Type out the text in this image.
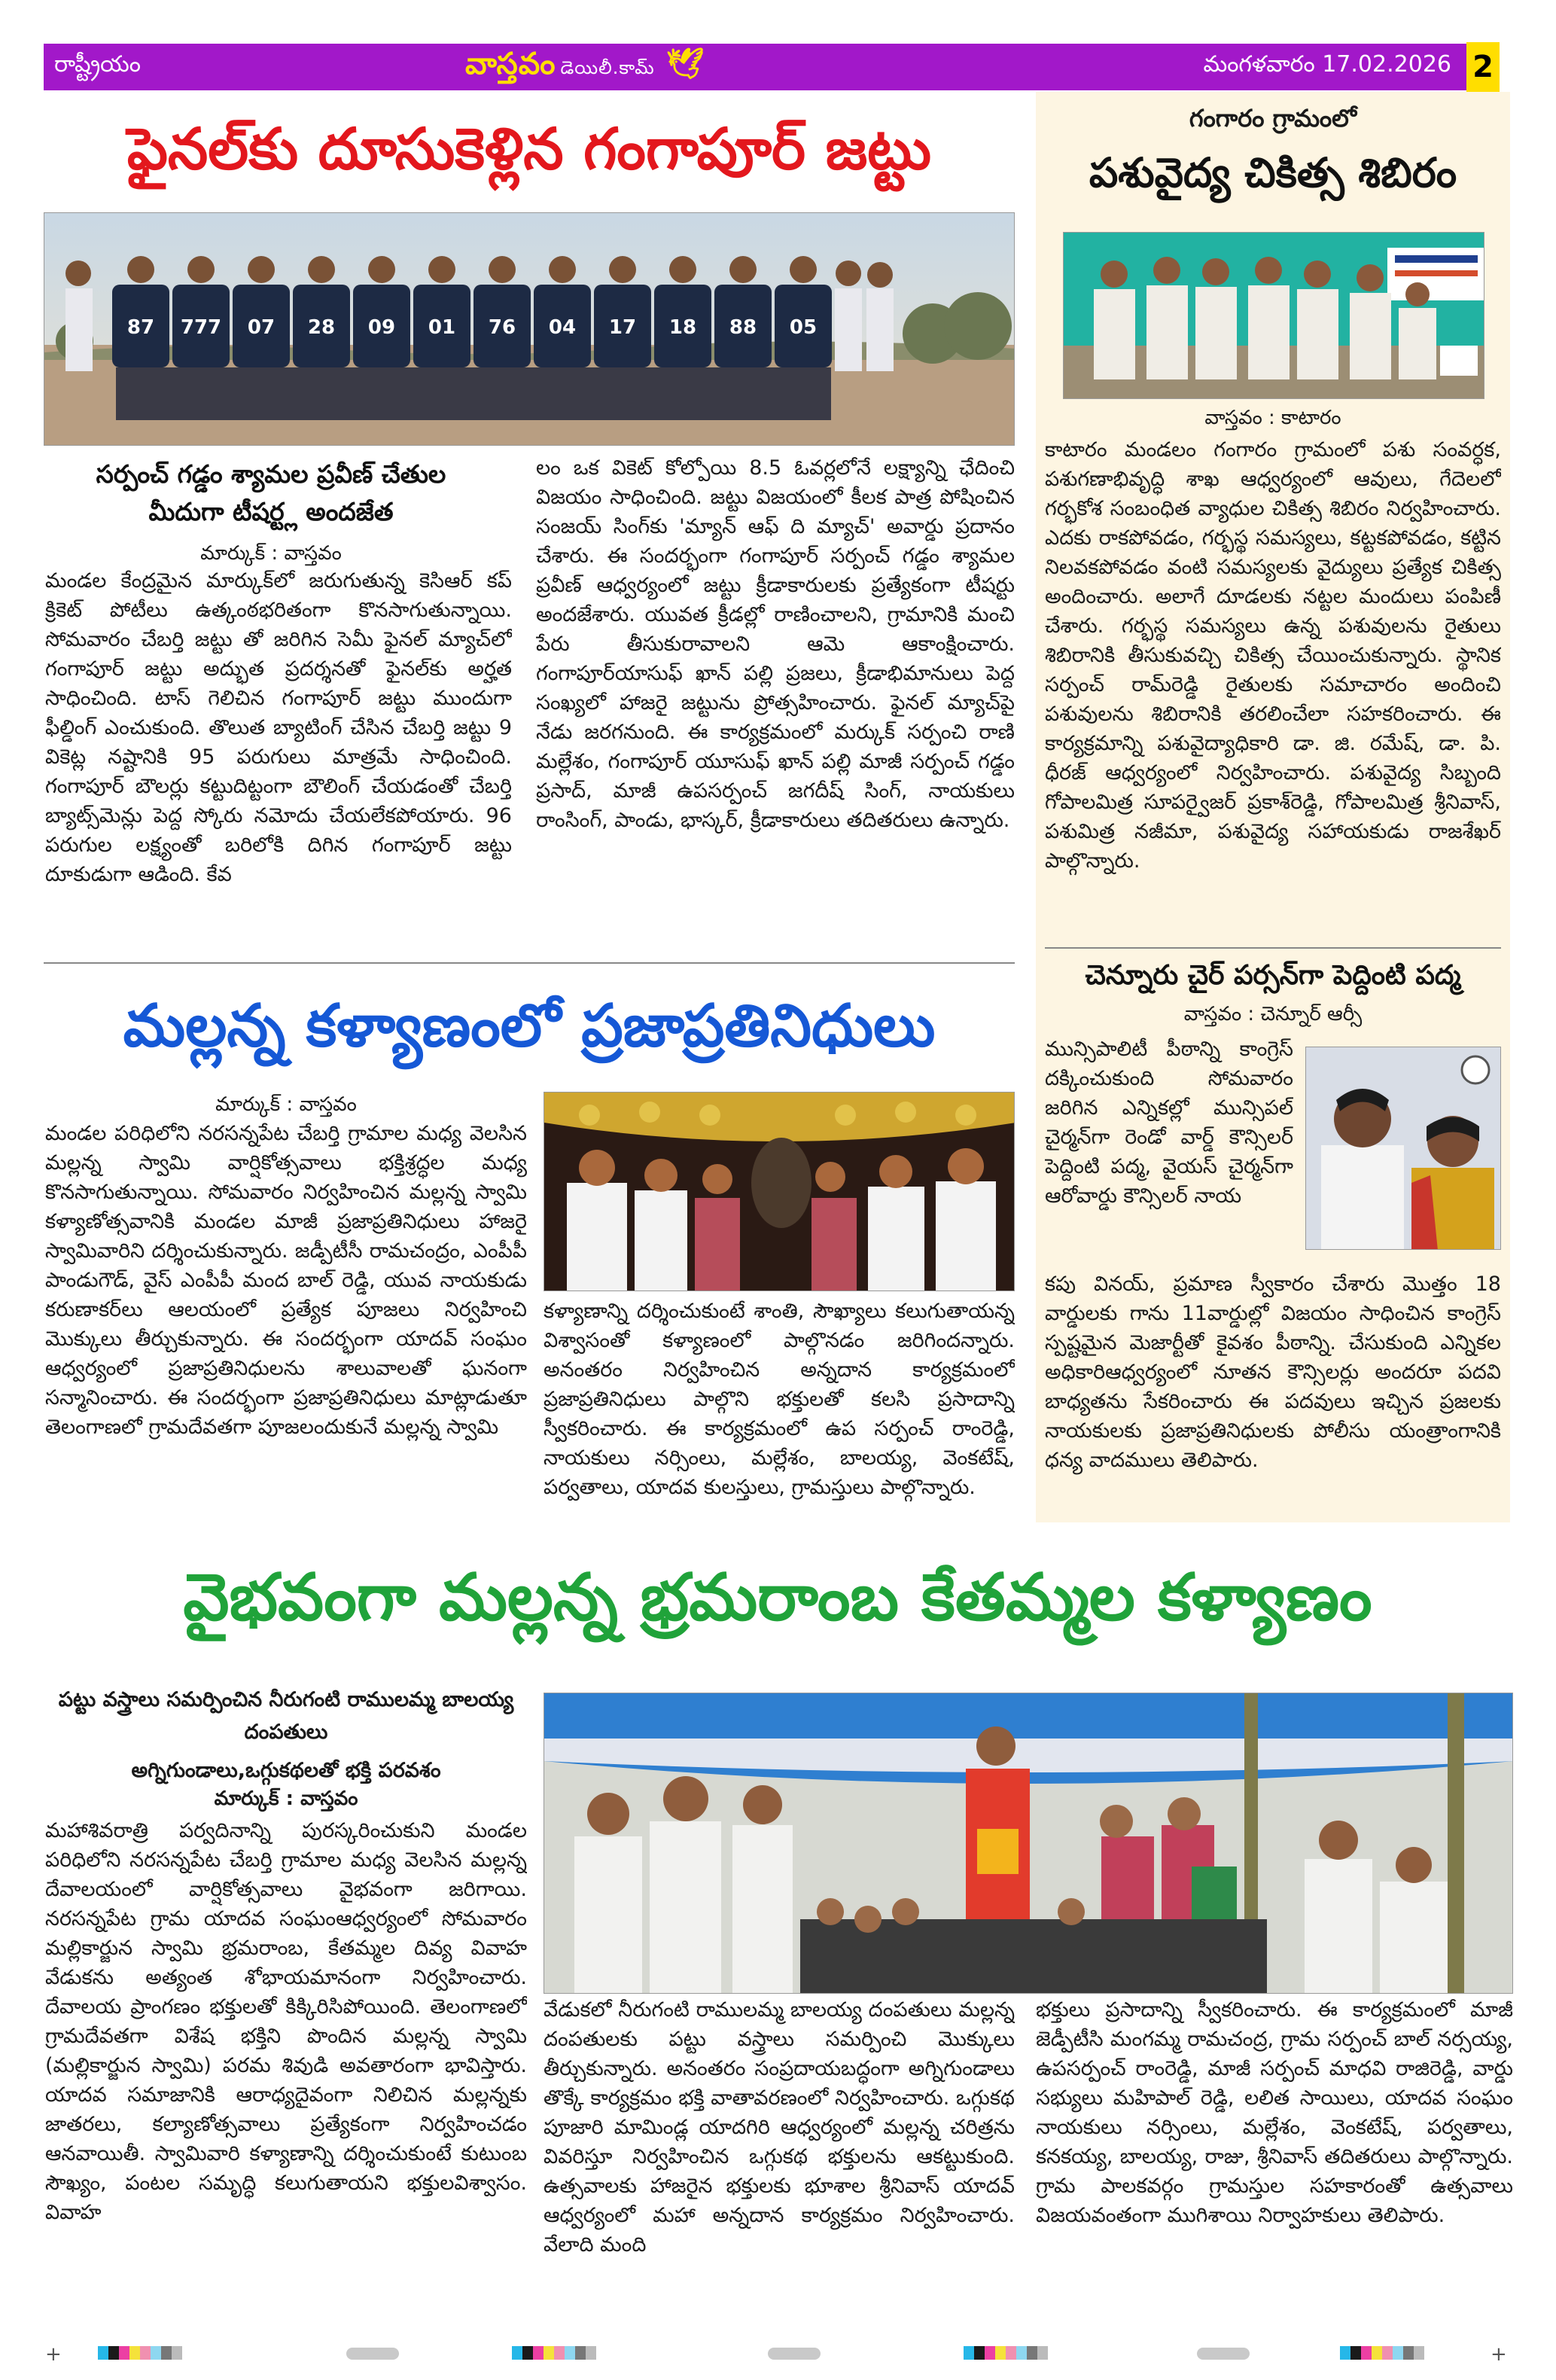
రాష్ట్రీయం	వాస్తవం డెయిలీ.కామ్ 🕊	మంగళవారం 17.02.2026 2
ఫైనల్‌కు దూసుకెళ్లిన గంగాపూర్ జట్టు
87 777 07 28 09 01 76 04 17 18 88 05
సర్పంచ్ గడ్డం శ్యామల ప్రవీణ్ చేతుల మీదుగా టీషర్ట్ల అందజేత
మార్కుక్ : వాస్తవం
మండల కేంద్రమైన మార్కుక్‌లో జరుగుతున్న కెసిఆర్ కప్ క్రికెట్ పోటీలు ఉత్కంఠభరితంగా కొనసాగుతున్నాయి. సోమవారం చేబర్తి జట్టు తో జరిగిన సెమీ ఫైనల్ మ్యాచ్‌లో గంగాపూర్ జట్టు అద్భుత ప్రదర్శనతో ఫైనల్‌కు అర్హత సాధించింది. టాస్ గెలిచిన గంగాపూర్ జట్టు ముందుగా ఫీల్డింగ్ ఎంచుకుంది. తొలుత బ్యాటింగ్ చేసిన చేబర్తి జట్టు 9 వికెట్ల నష్టానికి 95 పరుగులు మాత్రమే సాధించింది. గంగాపూర్ బౌలర్లు కట్టుదిట్టంగా బౌలింగ్ చేయడంతో చేబర్తి బ్యాట్స్‌మెన్లు పెద్ద స్కోరు నమోదు చేయలేకపోయారు. 96 పరుగుల లక్ష్యంతో బరిలోకి దిగిన గంగాపూర్ జట్టు దూకుడుగా ఆడింది. కేవ
లం ఒక వికెట్ కోల్పోయి 8.5 ఓవర్లలోనే లక్ష్యాన్ని ఛేదించి విజయం సాధించింది. జట్టు విజయంలో కీలక పాత్ర పోషించిన సంజయ్ సింగ్‌కు 'మ్యాన్ ఆఫ్ ది మ్యాచ్' అవార్డు ప్రదానం చేశారు. ఈ సందర్భంగా గంగాపూర్ సర్పంచ్ గడ్డం శ్యామల ప్రవీణ్ ఆధ్వర్యంలో జట్టు క్రీడాకారులకు ప్రత్యేకంగా టీషర్టు అందజేశారు. యువత క్రీడల్లో రాణించాలని, గ్రామానికి మంచి పేరు తీసుకురావాలని ఆమె ఆకాంక్షించారు. గంగాపూర్‌యాసుఫ్ ఖాన్ పల్లి ప్రజలు, క్రీడాభిమానులు పెద్ద సంఖ్యలో హాజరై జట్టును ప్రోత్సహించారు. ఫైనల్ మ్యాచ్‌పై నేడు జరగనుంది. ఈ కార్యక్రమంలో మర్కుక్ సర్పంచి రాణి మల్లేశం, గంగాపూర్ యూసుఫ్ ఖాన్ పల్లి మాజీ సర్పంచ్ గడ్డం ప్రసాద్, మాజీ ఉపసర్పంచ్ జగదీష్ సింగ్, నాయకులు రాంసింగ్, పాండు, భాస్కర్, క్రీడాకారులు తదితరులు ఉన్నారు.
మల్లన్న కళ్యాణంలో ప్రజాప్రతినిధులు
మార్కుక్ : వాస్తవం
మండల పరిధిలోని నరసన్నపేట చేబర్తి గ్రామాల మధ్య వెలసిన మల్లన్న స్వామి వార్షికోత్సవాలు భక్తిశ్రద్ధల మధ్య కొనసాగుతున్నాయి. సోమవారం నిర్వహించిన మల్లన్న స్వామి కళ్యాణోత్సవానికి మండల మాజీ ప్రజాప్రతినిధులు హాజరై స్వామివారిని దర్శించుకున్నారు. జడ్పీటీసీ రామచంద్రం, ఎంపీపీ పాండుగౌడ్, వైస్ ఎంపీపీ మంద బాల్ రెడ్డి, యువ నాయకుడు కరుణాకర్‌లు ఆలయంలో ప్రత్యేక పూజలు నిర్వహించి మొక్కులు తీర్చుకున్నారు. ఈ సందర్భంగా యాదవ్ సంఘం ఆధ్వర్యంలో ప్రజాప్రతినిధులను శాలువాలతో ఘనంగా సన్మానించారు. ఈ సందర్భంగా ప్రజాప్రతినిధులు మాట్లాడుతూ తెలంగాణలో గ్రామదేవతగా పూజలందుకునే మల్లన్న స్వామి
కళ్యాణాన్ని దర్శించుకుంటే శాంతి, సౌఖ్యాలు కలుగుతాయన్న విశ్వాసంతో కళ్యాణంలో పాల్గొనడం జరిగిందన్నారు. అనంతరం నిర్వహించిన అన్నదాన కార్యక్రమంలో ప్రజాప్రతినిధులు పాల్గొని భక్తులతో కలసి ప్రసాదాన్ని స్వీకరించారు. ఈ కార్యక్రమంలో ఉప సర్పంచ్ రాంరెడ్డి, నాయకులు నర్సింలు, మల్లేశం, బాలయ్య, వెంకటేష్, పర్వతాలు, యాదవ కులస్తులు, గ్రామస్తులు పాల్గొన్నారు.
గంగారం గ్రామంలో
పశువైద్య చికిత్స శిబిరం
వాస్తవం : కాటారం
కాటారం మండలం గంగారం గ్రామంలో పశు సంవర్ధక, పశుగణాభివృద్ధి శాఖ ఆధ్వర్యంలో ఆవులు, గేదెలలో గర్భకోశ సంబంధిత వ్యాధుల చికిత్స శిబిరం నిర్వహించారు. ఎదకు రాకపోవడం, గర్భస్థ సమస్యలు, కట్టకపోవడం, కట్టిన నిలవకపోవడం వంటి సమస్యలకు వైద్యులు ప్రత్యేక చికిత్స అందించారు. అలాగే దూడలకు నట్టల మందులు పంపిణీ చేశారు. గర్భస్థ సమస్యలు ఉన్న పశువులను రైతులు శిబిరానికి తీసుకువచ్చి చికిత్స చేయించుకున్నారు. స్థానిక సర్పంచ్ రామ్‌రెడ్డి రైతులకు సమాచారం అందించి పశువులను శిబిరానికి తరలించేలా సహకరించారు. ఈ కార్యక్రమాన్ని పశువైద్యాధికారి డా. జి. రమేష్, డా. పి. ధీరజ్ ఆధ్వర్యంలో నిర్వహించారు. పశువైద్య సిబ్బంది గోపాలమిత్ర సూపర్వైజర్ ప్రకాశ్‌రెడ్డి, గోపాలమిత్ర శ్రీనివాస్, పశుమిత్ర నజీమా, పశువైద్య సహాయకుడు రాజశేఖర్ పాల్గొన్నారు.
చెన్నూరు చైర్ పర్సన్‌గా పెద్దింటి పద్మ
వాస్తవం : చెన్నూర్ ఆర్సీ
మున్సిపాలిటీ పీఠాన్ని కాంగ్రెస్ దక్కించుకుంది సోమవారం జరిగిన ఎన్నికల్లో మున్సిపల్ చైర్మన్‌గా రెండో వార్డ్ కౌన్సిలర్ పెద్దింటి పద్మ, వైయస్ చైర్మన్‌గా ఆరోవార్డు కౌన్సిలర్ నాయ
కపు వినయ్, ప్రమాణ స్వీకారం చేశారు మొత్తం 18 వార్డులకు గాను 11వార్డుల్లో విజయం సాధించిన కాంగ్రెస్ స్పష్టమైన మెజార్టీతో కైవశం పీఠాన్ని. చేసుకుంది ఎన్నికల అధికారిఆధ్వర్యంలో నూతన కౌన్సిలర్లు అందరూ పదవి బాధ్యతను సేకరించారు ఈ పదవులు ఇచ్చిన ప్రజలకు నాయకులకు ప్రజాప్రతినిధులకు పోలీసు యంత్రాంగానికి ధన్య వాదములు తెలిపారు.
వైభవంగా మల్లన్న భ్రమరాంబ కేతమ్మల కళ్యాణం
పట్టు వస్త్రాలు సమర్పించిన నీరుగంటి రాములమ్మ బాలయ్య దంపతులు
అగ్నిగుండాలు,ఒగ్గుకథలతో భక్తి పరవశం
మార్కుక్ : వాస్తవం
మహాశివరాత్రి పర్వదినాన్ని పురస్కరించుకుని మండల పరిధిలోని నరసన్నపేట చేబర్తి గ్రామాల మధ్య వెలసిన మల్లన్న దేవాలయంలో వార్షికోత్సవాలు వైభవంగా జరిగాయి. నరసన్నపేట గ్రామ యాదవ సంఘంఆధ్వర్యంలో సోమవారం మల్లికార్జున స్వామి భ్రమరాంబ, కేతమ్మల దివ్య వివాహ వేడుకను అత్యంత శోభాయమానంగా నిర్వహించారు. దేవాలయ ప్రాంగణం భక్తులతో కిక్కిరిసిపోయింది. తెలంగాణలో గ్రామదేవతగా విశేష భక్తిని పొందిన మల్లన్న స్వామి (మల్లికార్జున స్వామి) పరమ శివుడి అవతారంగా భావిస్తారు. యాదవ సమాజానికి ఆరాధ్యదైవంగా నిలిచిన మల్లన్నకు జాతరలు, కల్యాణోత్సవాలు ప్రత్యేకంగా నిర్వహించడం ఆనవాయితీ. స్వామివారి కళ్యాణాన్ని దర్శించుకుంటే కుటుంబ సౌఖ్యం, పంటల సమృద్ధి కలుగుతాయని భక్తులవిశ్వాసం. వివాహ
వేడుకలో నీరుగంటి రాములమ్మ బాలయ్య దంపతులు మల్లన్న దంపతులకు పట్టు వస్త్రాలు సమర్పించి మొక్కులు తీర్చుకున్నారు. అనంతరం సంప్రదాయబద్ధంగా అగ్నిగుండాలు తొక్కే కార్యక్రమం భక్తి వాతావరణంలో నిర్వహించారు. ఒగ్గుకథ పూజారి మామిండ్ల యాదగిరి ఆధ్వర్యంలో మల్లన్న చరిత్రను వివరిస్తూ నిర్వహించిన ఒగ్గుకథ భక్తులను ఆకట్టుకుంది. ఉత్సవాలకు హాజరైన భక్తులకు భూశాల శ్రీనివాస్ యాదవ్ ఆధ్వర్యంలో మహా అన్నదాన కార్యక్రమం నిర్వహించారు. వేలాది మంది
భక్తులు ప్రసాదాన్ని స్వీకరించారు. ఈ కార్యక్రమంలో మాజీ జెడ్పీటీసి మంగమ్మ రామచంద్ర, గ్రామ సర్పంచ్ బాల్ నర్సయ్య, ఉపసర్పంచ్ రాంరెడ్డి, మాజీ సర్పంచ్ మాధవి రాజిరెడ్డి, వార్డు సభ్యులు మహిపాల్ రెడ్డి, లలిత సాయిలు, యాదవ సంఘం నాయకులు నర్సింలు, మల్లేశం, వెంకటేష్, పర్వతాలు, కనకయ్య, బాలయ్య, రాజు, శ్రీనివాస్ తదితరులు పాల్గొన్నారు. గ్రామ పాలకవర్గం గ్రామస్తుల సహకారంతో ఉత్సవాలు విజయవంతంగా ముగిశాయి నిర్వాహకులు తెలిపారు.
+	+
